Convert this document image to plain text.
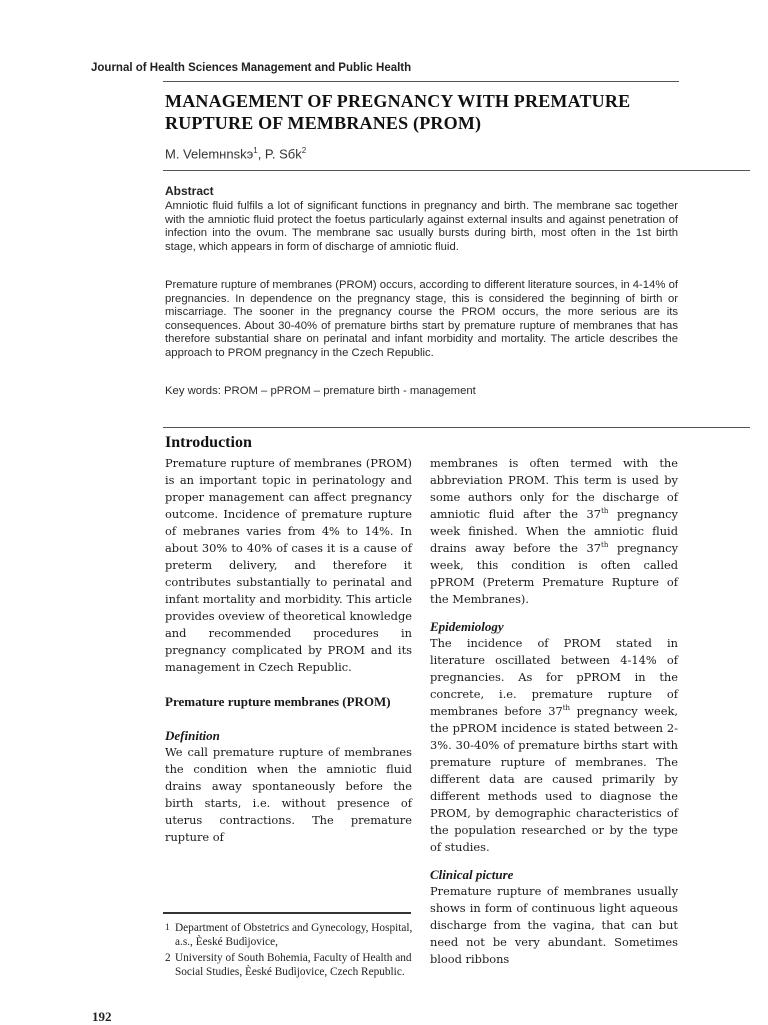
Journal of Health Sciences Management and Public Health
MANAGEMENT OF PREGNANCY WITH PREMATURE
RUPTURE OF MEMBRANES (PROM)
M. Velemнnskэ$^1$, P. Sбk$^2$
Abstract
Amniotic fluid fulfils a lot of significant functions in pregnancy and birth. The membrane sac together with the amniotic fluid protect the foetus particularly against external insults and against penetration of infection into the ovum. The membrane sac usually bursts during birth, most often in the 1st birth stage, which appears in form of discharge of amniotic fluid.
Premature rupture of membranes (PROM) occurs, according to different literature sources, in 4-14% of pregnancies. In dependence on the pregnancy stage, this is considered the beginning of birth or miscarriage. The sooner in the pregnancy course the PROM occurs, the more serious are its consequences. About 30-40% of premature births start by premature rupture of membranes that has therefore substantial share on perinatal and infant morbidity and mortality. The article describes the approach to PROM pregnancy in the Czech Republic.
Key words: PROM – pPROM – premature birth - management
Introduction

Premature rupture of membranes (PROM) is an important topic in perinatology and proper management can affect pregnancy outcome. Incidence of premature rupture of mebranes varies from 4% to 14%. In about 30% to 40% of cases it is a cause of preterm delivery, and therefore it contributes substantially to perinatal and infant mortality and morbidity. This article provides oveview of theoretical knowledge and recommended procedures in pregnancy complicated by PROM and its management in Czech Republic.

Premature rupture membranes (PROM)

Definition

We call premature rupture of membranes the condition when the amniotic fluid drains away spontaneously before the birth starts, i.e. without presence of uterus contractions. The premature rupture of

membranes is often termed with the abbreviation PROM. This term is used by some authors only for the discharge of amniotic fluid after the 37th pregnancy week finished. When the amniotic fluid drains away before the 37th pregnancy week, this condition is often called pPROM (Preterm Premature Rupture of the Membranes).

Epidemiology

The incidence of PROM stated in literature oscillated between 4-14% of pregnancies. As for pPROM in the concrete, i.e. premature rupture of membranes before 37th pregnancy week, the pPROM incidence is stated between 2-3%. 30-40% of premature births start with premature rupture of membranes. The different data are caused primarily by different methods used to diagnose the PROM, by demographic characteristics of the population researched or by the type of studies.

Clinical picture

Premature rupture of membranes usually shows in form of continuous light aqueous discharge from the vagina, that can but need not be very abundant. Sometimes blood ribbons

1 Department of Obstetrics and Gynecology, Hospital, a.s., Èeské Budìjovice,
2 University of South Bohemia, Faculty of Health and Social Studies, Èeské Budìjovice, Czech Republic.
192
